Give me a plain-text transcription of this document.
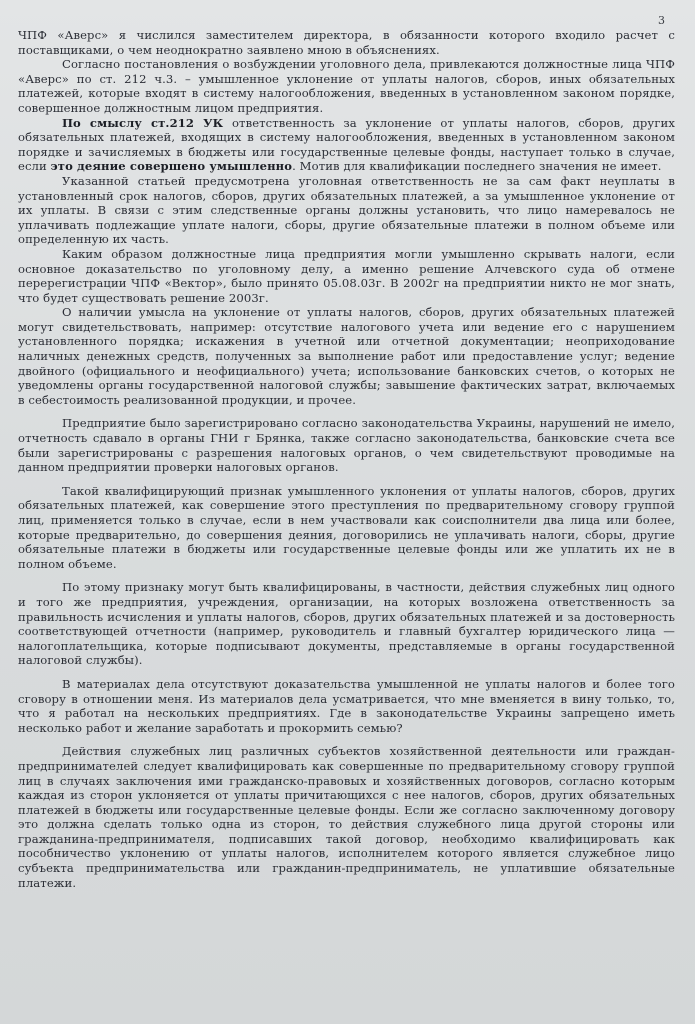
3

ЧПФ «Аверс» я числился заместителем директора, в обязанности которого входило расчет с поставщиками, о чем неоднократно заявлено мною в объяснениях.

Согласно постановления о возбуждении уголовного дела, привлекаются должностные лица ЧПФ «Аверс» по ст. 212 ч.3. – умышленное уклонение от уплаты налогов, сборов, иных обязательных платежей, которые входят в систему налогообложения, введенных в установленном законом порядке, совершенное должностным лицом предприятия.

По смыслу ст.212 УК ответственность за уклонение от уплаты налогов, сборов, других обязательных платежей, входящих в систему налогообложения, введенных в установленном законом порядке и зачисляемых в бюджеты или государственные целевые фонды, наступает только в случае, если это деяние совершено умышленно. Мотив для квалификации последнего значения не имеет.

Указанной статьей предусмотрена уголовная ответственность не за сам факт неуплаты в установленный срок налогов, сборов, других обязательных платежей, а за умышленное уклонение от их уплаты. В связи с этим следственные органы должны установить, что лицо намеревалось не уплачивать подлежащие уплате налоги, сборы, другие обязательные платежи в полном объеме или определенную их часть.

Каким образом должностные лица предприятия могли умышленно скрывать налоги, если основное доказательство по уголовному делу, а именно решение Алчевского суда об отмене перерегистрации ЧПФ «Вектор», было принято 05.08.03г. В 2002г на предприятии никто не мог знать, что будет существовать решение 2003г.

О наличии умысла на уклонение от уплаты налогов, сборов, других обязательных платежей могут свидетельствовать, например: отсутствие налогового учета или ведение его с нарушением установленного порядка; искажения в учетной или отчетной документации; неоприходование наличных денежных средств, полученных за выполнение работ или предоставление услуг; ведение двойного (официального и неофициального) учета; использование банковских счетов, о которых не уведомлены органы государственной налоговой службы; завышение фактических затрат, включаемых в себестоимость реализованной продукции, и прочее.

Предприятие было зарегистрировано согласно законодательства Украины, нарушений не имело, отчетность сдавало в органы ГНИ г Брянка, также согласно законодательства, банковские счета все были зарегистрированы с разрешения налоговых органов, о чем свидетельствуют проводимые на данном предприятии проверки налоговых органов.

Такой квалифицирующий признак умышленного уклонения от уплаты налогов, сборов, других обязательных платежей, как совершение этого преступления по предварительному сговору группой лиц, применяется только в случае, если в нем участвовали как соисполнители два лица или более, которые предварительно, до совершения деяния, договорились не уплачивать налоги, сборы, другие обязательные платежи в бюджеты или государственные целевые фонды или же уплатить их не в полном объеме.

По этому признаку могут быть квалифицированы, в частности, действия служебных лиц одного и того же предприятия, учреждения, организации, на которых возложена ответственность за правильность исчисления и уплаты налогов, сборов, других обязательных платежей и за достоверность соответствующей отчетности (например, руководитель и главный бухгалтер юридического лица — налогоплательщика, которые подписывают документы, представляемые в органы государственной налоговой службы).

В материалах дела отсутствуют доказательства умышленной не уплаты налогов и более того сговору в отношении меня. Из материалов дела усматривается, что мне вменяется в вину только, то, что я работал на нескольких предприятиях. Где в законодательстве Украины запрещено иметь несколько работ и желание заработать и прокормить семью?

Действия служебных лиц различных субъектов хозяйственной деятельности или граждан-предпринимателей следует квалифицировать как совершенные по предварительному сговору группой лиц в случаях заключения ими гражданско-правовых и хозяйственных договоров, согласно которым каждая из сторон уклоняется от уплаты причитающихся с нее налогов, сборов, других обязательных платежей в бюджеты или государственные целевые фонды. Если же согласно заключенному договору это должна сделать только одна из сторон, то действия служебного лица другой стороны или гражданина-предпринимателя, подписавших такой договор, необходимо квалифицировать как пособничество уклонению от уплаты налогов, исполнителем которого является служебное лицо субъекта предпринимательства или гражданин-предприниматель, не уплатившие обязательные платежи.
